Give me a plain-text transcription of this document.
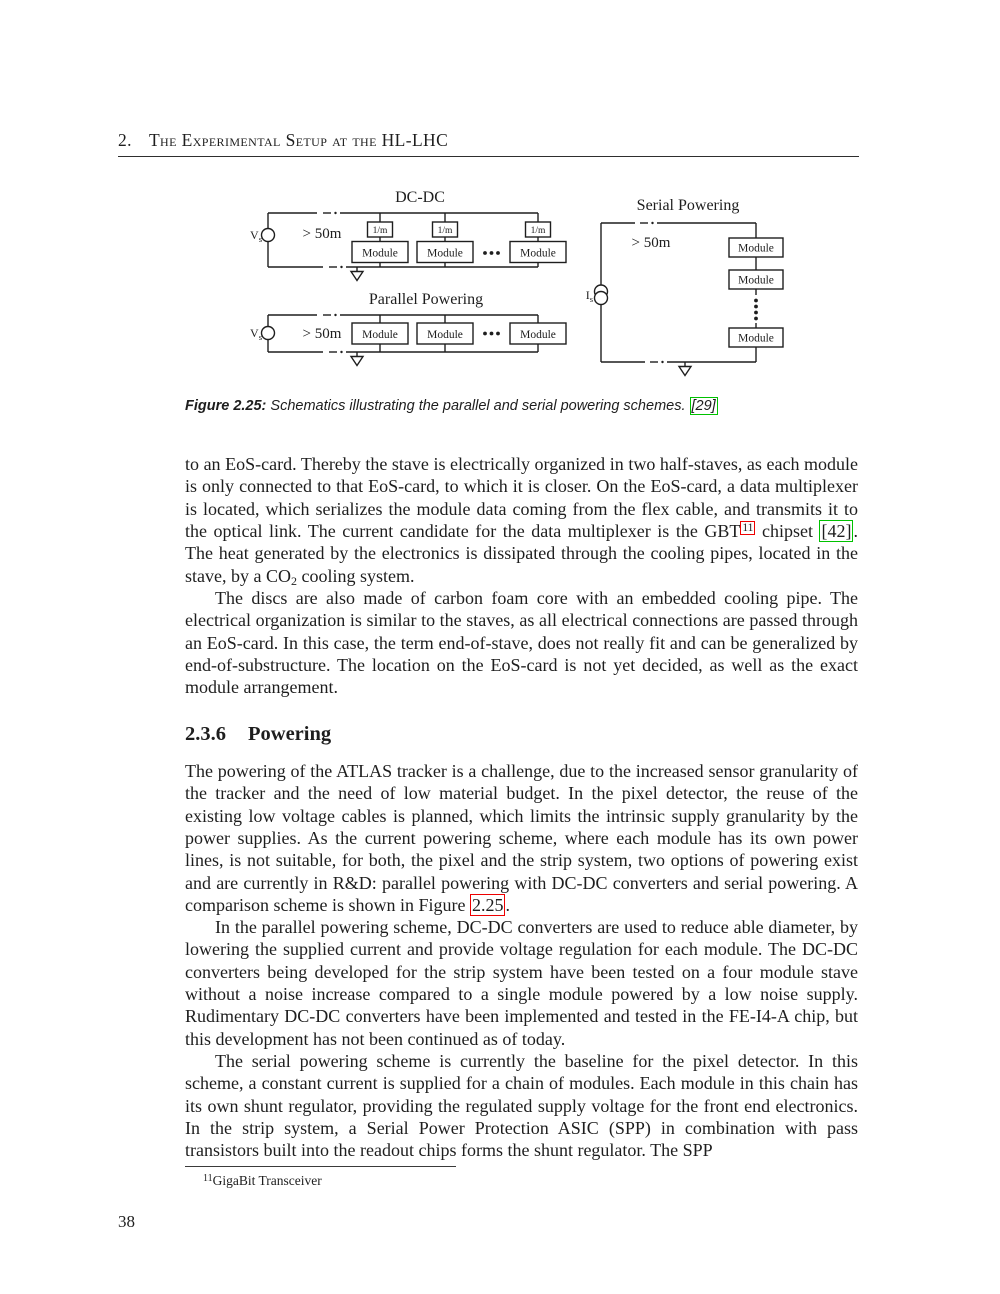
2. The Experimental Setup at the HL-LHC
DC-DC
$V_s$	> 50m	1/m
Module
1/m
Module
1/m
Module
Parallel Powering
$V_s$	> 50m Module	Module	Module
Serial Powering
$I_s$
> 50m	Module
Module
Module
Figure 2.25: Schematics illustrating the parallel and serial powering schemes. [29]

to an EoS-card. Thereby the stave is electrically organized in two half-staves, as each module is only connected to that EoS-card, to which it is closer. On the EoS-card, a data multiplexer is located, which serializes the module data coming from the flex cable, and transmits it to the optical link. The current candidate for the data multiplexer is the GBT $^{11}$ chipset [42] . The heat generated by the electronics is dissipated through the cooling pipes, located in the stave, by a $CO_2$ cooling system.

The discs are also made of carbon foam core with an embedded cooling pipe. The electrical organization is similar to the staves, as all electrical connections are passed through an EoS-card. In this case, the term end-of-stave, does not really fit and can be generalized by end-of-substructure. The location on the EoS-card is not yet decided, as well as the exact module arrangement.

2.3.6 Powering

The powering of the ATLAS tracker is a challenge, due to the increased sensor granularity of the tracker and the need of low material budget. In the pixel detector, the reuse of the existing low voltage cables is planned, which limits the intrinsic supply granularity by the power supplies. As the current powering scheme, where each module has its own power lines, is not suitable, for both, the pixel and the strip system, two options of powering exist and are currently in R&D: parallel powering with DC-DC converters and serial powering. A comparison scheme is shown in Figure 2.25 .

In the parallel powering scheme, DC-DC converters are used to reduce able diameter, by lowering the supplied current and provide voltage regulation for each module. The DC-DC converters being developed for the strip system have been tested on a four module stave without a noise increase compared to a single module powered by a low noise supply. Rudimentary DC-DC converters have been implemented and tested in the FE-I4-A chip, but this development has not been continued as of today.

The serial powering scheme is currently the baseline for the pixel detector. In this scheme, a constant current is supplied for a chain of modules. Each module in this chain has its own shunt regulator, providing the regulated supply voltage for the front end electronics. In the strip system, a Serial Power Protection ASIC (SPP) in combination with pass transistors built into the readout chips forms the shunt regulator. The SPP

$^{11}$GigaBit Transceiver
38
